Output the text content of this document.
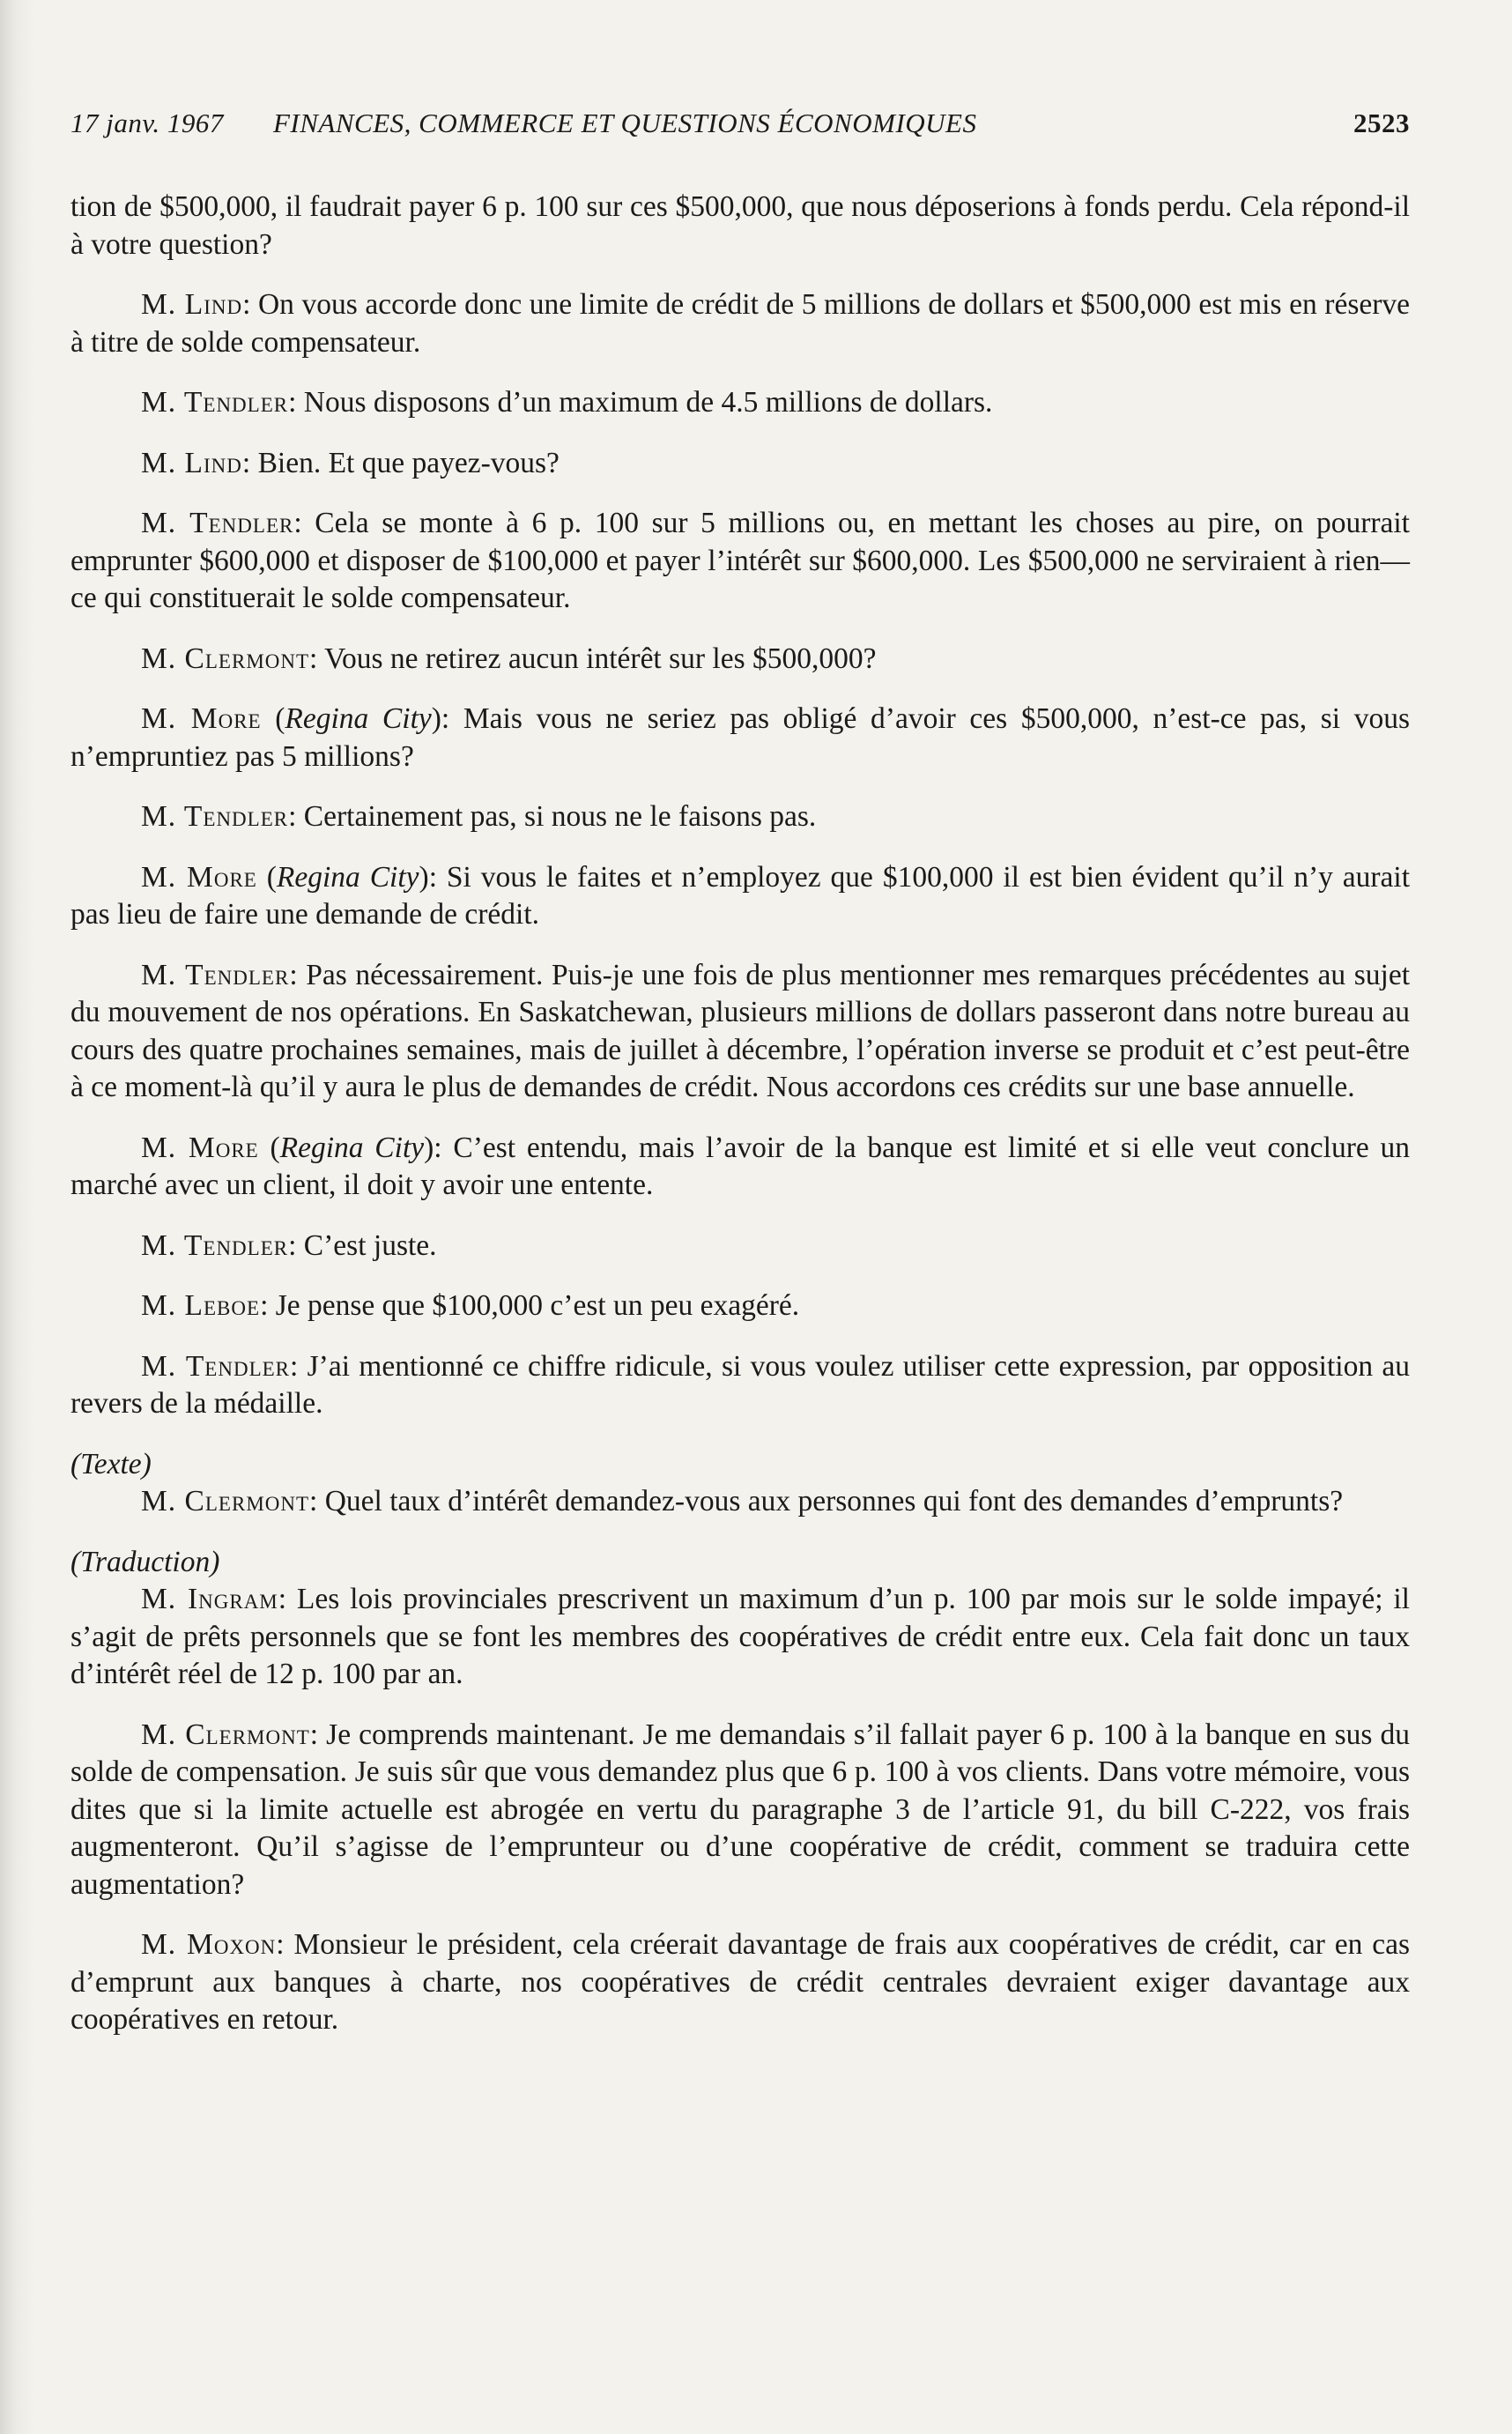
17 janv. 1967 FINANCES, COMMERCE ET QUESTIONS ÉCONOMIQUES	2523

tion de $500,000, il faudrait payer 6 p. 100 sur ces $500,000, que nous déposerions à fonds perdu. Cela répond-il à votre question?

M. Lind: On vous accorde donc une limite de crédit de 5 millions de dollars et $500,000 est mis en réserve à titre de solde compensateur.

M. Tendler: Nous disposons d’un maximum de 4.5 millions de dollars.

M. Lind: Bien. Et que payez-vous?

M. Tendler: Cela se monte à 6 p. 100 sur 5 millions ou, en mettant les choses au pire, on pourrait emprunter $600,000 et disposer de $100,000 et payer l’intérêt sur $600,000. Les $500,000 ne serviraient à rien—ce qui constituerait le solde compensateur.

M. Clermont: Vous ne retirez aucun intérêt sur les $500,000?

M. More (Regina City): Mais vous ne seriez pas obligé d’avoir ces $500,000, n’est-ce pas, si vous n’empruntiez pas 5 millions?

M. Tendler: Certainement pas, si nous ne le faisons pas.

M. More (Regina City): Si vous le faites et n’employez que $100,000 il est bien évident qu’il n’y aurait pas lieu de faire une demande de crédit.

M. Tendler: Pas nécessairement. Puis-je une fois de plus mentionner mes remarques précédentes au sujet du mouvement de nos opérations. En Saskatchewan, plusieurs millions de dollars passeront dans notre bureau au cours des quatre prochaines semaines, mais de juillet à décembre, l’opération inverse se produit et c’est peut-être à ce moment-là qu’il y aura le plus de demandes de crédit. Nous accordons ces crédits sur une base annuelle.

M. More (Regina City): C’est entendu, mais l’avoir de la banque est limité et si elle veut conclure un marché avec un client, il doit y avoir une entente.

M. Tendler: C’est juste.

M. Leboe: Je pense que $100,000 c’est un peu exagéré.

M. Tendler: J’ai mentionné ce chiffre ridicule, si vous voulez utiliser cette expression, par opposition au revers de la médaille.

(Texte)

M. Clermont: Quel taux d’intérêt demandez-vous aux personnes qui font des demandes d’emprunts?

(Traduction)

M. Ingram: Les lois provinciales prescrivent un maximum d’un p. 100 par mois sur le solde impayé; il s’agit de prêts personnels que se font les membres des coopératives de crédit entre eux. Cela fait donc un taux d’intérêt réel de 12 p. 100 par an.

M. Clermont: Je comprends maintenant. Je me demandais s’il fallait payer 6 p. 100 à la banque en sus du solde de compensation. Je suis sûr que vous demandez plus que 6 p. 100 à vos clients. Dans votre mémoire, vous dites que si la limite actuelle est abrogée en vertu du paragraphe 3 de l’article 91, du bill C-222, vos frais augmenteront. Qu’il s’agisse de l’emprunteur ou d’une coopérative de crédit, comment se traduira cette augmentation?

M. Moxon: Monsieur le président, cela créerait davantage de frais aux coopératives de crédit, car en cas d’emprunt aux banques à charte, nos coopératives de crédit centrales devraient exiger davantage aux coopératives en retour.
